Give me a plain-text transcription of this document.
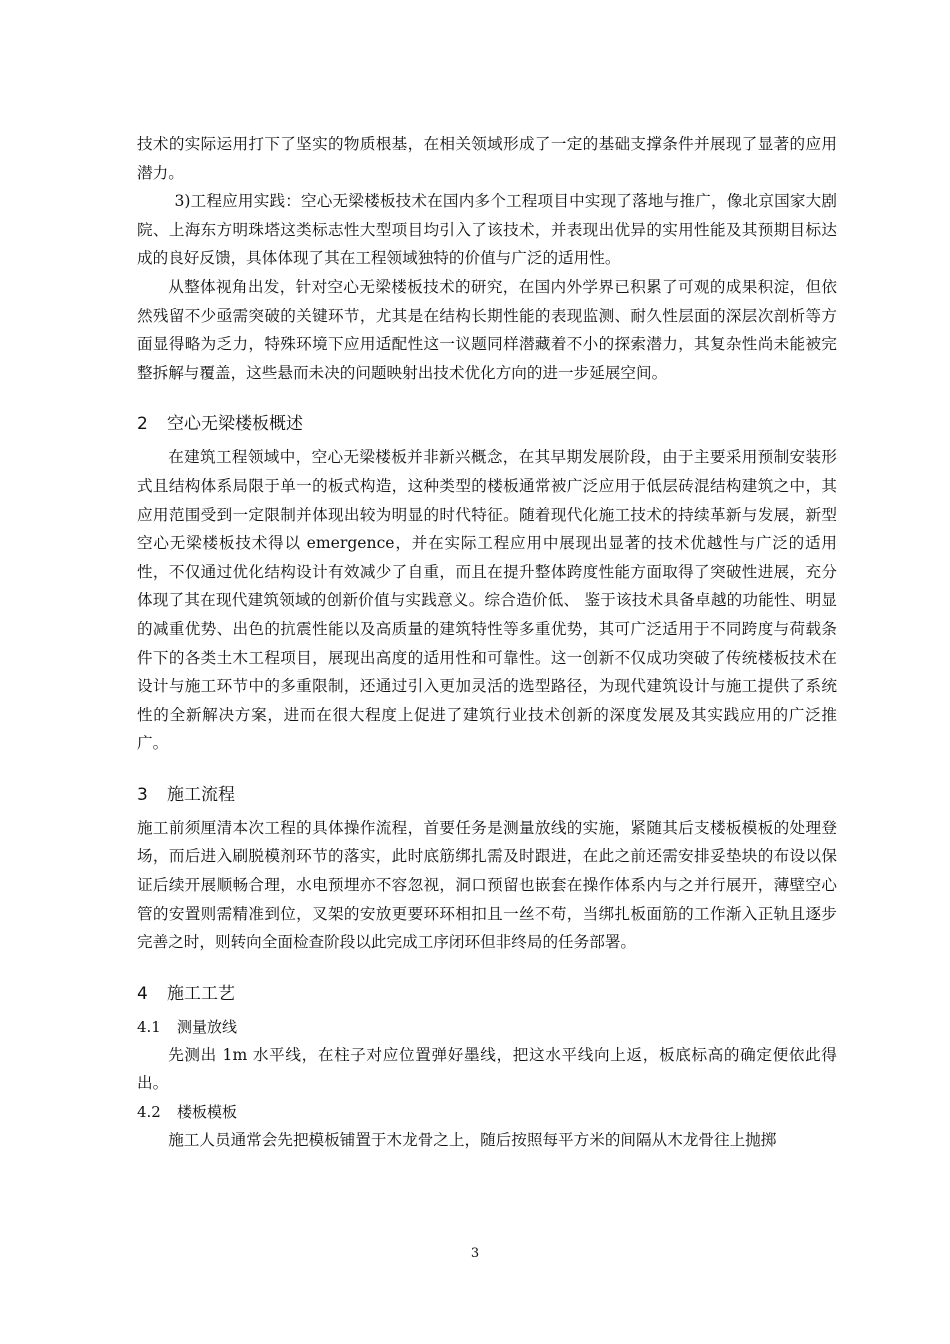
技术的实际运用打下了坚实的物质根基，在相关领域形成了一定的基础支撑条件并展现了显著的应用潜力。

3)工程应用实践：空心无梁楼板技术在国内多个工程项目中实现了落地与推广，像北京国家大剧院、上海东方明珠塔这类标志性大型项目均引入了该技术，并表现出优异的实用性能及其预期目标达成的良好反馈，具体体现了其在工程领域独特的价值与广泛的适用性。

从整体视角出发，针对空心无梁楼板技术的研究，在国内外学界已积累了可观的成果积淀，但依然残留不少亟需突破的关键环节，尤其是在结构长期性能的表现监测、耐久性层面的深层次剖析等方面显得略为乏力，特殊环境下应用适配性这一议题同样潜藏着不小的探索潜力，其复杂性尚未能被完整拆解与覆盖，这些悬而未决的问题映射出技术优化方向的进一步延展空间。

2 空心无梁楼板概述

在建筑工程领域中，空心无梁楼板并非新兴概念，在其早期发展阶段，由于主要采用预制安装形式且结构体系局限于单一的板式构造，这种类型的楼板通常被广泛应用于低层砖混结构建筑之中，其应用范围受到一定限制并体现出较为明显的时代特征。随着现代化施工技术的持续革新与发展，新型空心无梁楼板技术得以 emergence，并在实际工程应用中展现出显著的技术优越性与广泛的适用性，不仅通过优化结构设计有效减少了自重，而且在提升整体跨度性能方面取得了突破性进展，充分体现了其在现代建筑领域的创新价值与实践意义。综合造价低、 鉴于该技术具备卓越的功能性、明显的减重优势、出色的抗震性能以及高质量的建筑特性等多重优势，其可广泛适用于不同跨度与荷载条件下的各类土木工程项目，展现出高度的适用性和可靠性。这一创新不仅成功突破了传统楼板技术在设计与施工环节中的多重限制，还通过引入更加灵活的选型路径，为现代建筑设计与施工提供了系统性的全新解决方案，进而在很大程度上促进了建筑行业技术创新的深度发展及其实践应用的广泛推广。

3 施工流程

施工前须厘清本次工程的具体操作流程，首要任务是测量放线的实施，紧随其后支楼板模板的处理登场，而后进入刷脱模剂环节的落实，此时底筋绑扎需及时跟进，在此之前还需安排妥垫块的布设以保证后续开展顺畅合理，水电预埋亦不容忽视，洞口预留也嵌套在操作体系内与之并行展开，薄壁空心管的安置则需精准到位，叉架的安放更要环环相扣且一丝不苟，当绑扎板面筋的工作渐入正轨且逐步完善之时，则转向全面检查阶段以此完成工序闭环但非终局的任务部署。

4 施工工艺
4.1 测量放线

先测出 1m 水平线，在柱子对应位置弹好墨线，把这水平线向上返，板底标高的确定便依此得出。

4.2 楼板模板

施工人员通常会先把模板铺置于木龙骨之上，随后按照每平方米的间隔从木龙骨往上抛掷

3
